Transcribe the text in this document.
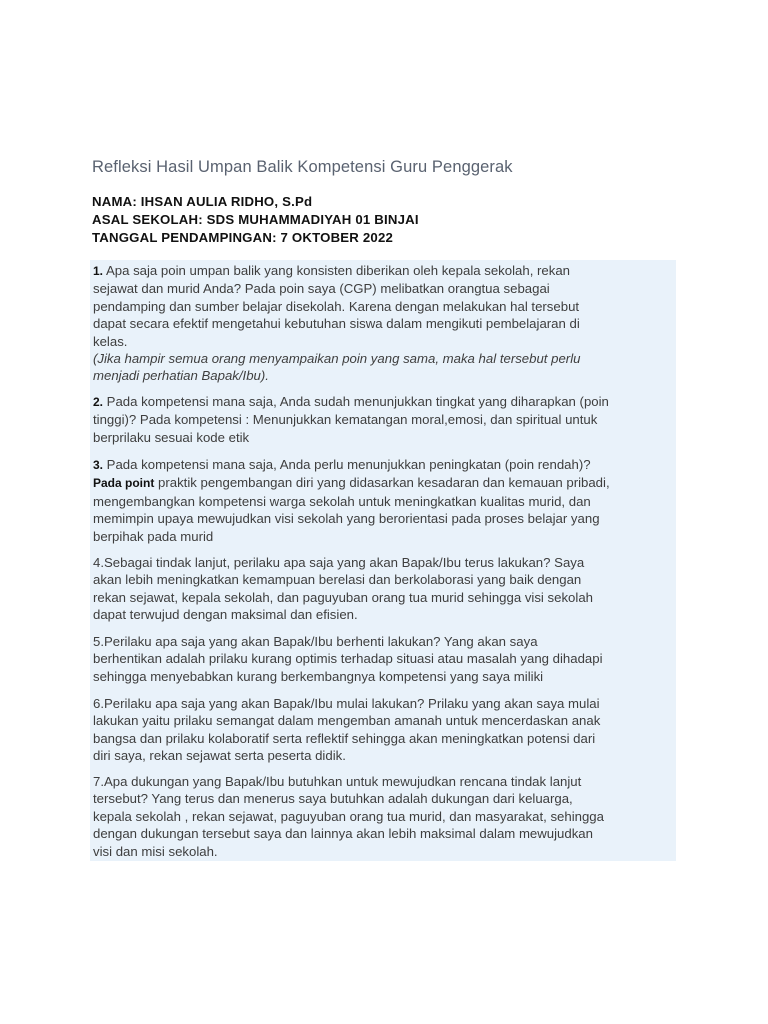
Refleksi Hasil Umpan Balik Kompetensi Guru Penggerak
NAMA: IHSAN AULIA RIDHO, S.Pd
ASAL SEKOLAH: SDS MUHAMMADIYAH 01 BINJAI
TANGGAL PENDAMPINGAN: 7 OKTOBER 2022
1. Apa saja poin umpan balik yang konsisten diberikan oleh kepala sekolah, rekan
sejawat dan murid Anda? Pada poin saya (CGP) melibatkan orangtua sebagai
pendamping dan sumber belajar disekolah. Karena dengan melakukan hal tersebut
dapat secara efektif mengetahui kebutuhan siswa dalam mengikuti pembelajaran di
kelas.
(Jika hampir semua orang menyampaikan poin yang sama, maka hal tersebut perlu
menjadi perhatian Bapak/Ibu).
2. Pada kompetensi mana saja, Anda sudah menunjukkan tingkat yang diharapkan (poin
tinggi)? Pada kompetensi : Menunjukkan kematangan moral,emosi, dan spiritual untuk
berprilaku sesuai kode etik
3. Pada kompetensi mana saja, Anda perlu menunjukkan peningkatan (poin rendah)?
Pada point praktik pengembangan diri yang didasarkan kesadaran dan kemauan pribadi,
mengembangkan kompetensi warga sekolah untuk meningkatkan kualitas murid, dan
memimpin upaya mewujudkan visi sekolah yang berorientasi pada proses belajar yang
berpihak pada murid
4.Sebagai tindak lanjut, perilaku apa saja yang akan Bapak/Ibu terus lakukan? Saya
akan lebih meningkatkan kemampuan berelasi dan berkolaborasi yang baik dengan
rekan sejawat, kepala sekolah, dan paguyuban orang tua murid sehingga visi sekolah
dapat terwujud dengan maksimal dan efisien.
5.Perilaku apa saja yang akan Bapak/Ibu berhenti lakukan? Yang akan saya
berhentikan adalah prilaku kurang optimis terhadap situasi atau masalah yang dihadapi
sehingga menyebabkan kurang berkembangnya kompetensi yang saya miliki
6.Perilaku apa saja yang akan Bapak/Ibu mulai lakukan? Prilaku yang akan saya mulai
lakukan yaitu prilaku semangat dalam mengemban amanah untuk mencerdaskan anak
bangsa dan prilaku kolaboratif serta reflektif sehingga akan meningkatkan potensi dari
diri saya, rekan sejawat serta peserta didik.
7.Apa dukungan yang Bapak/Ibu butuhkan untuk mewujudkan rencana tindak lanjut
tersebut? Yang terus dan menerus saya butuhkan adalah dukungan dari keluarga,
kepala sekolah , rekan sejawat, paguyuban orang tua murid, dan masyarakat, sehingga
dengan dukungan tersebut saya dan lainnya akan lebih maksimal dalam mewujudkan
visi dan misi sekolah.
